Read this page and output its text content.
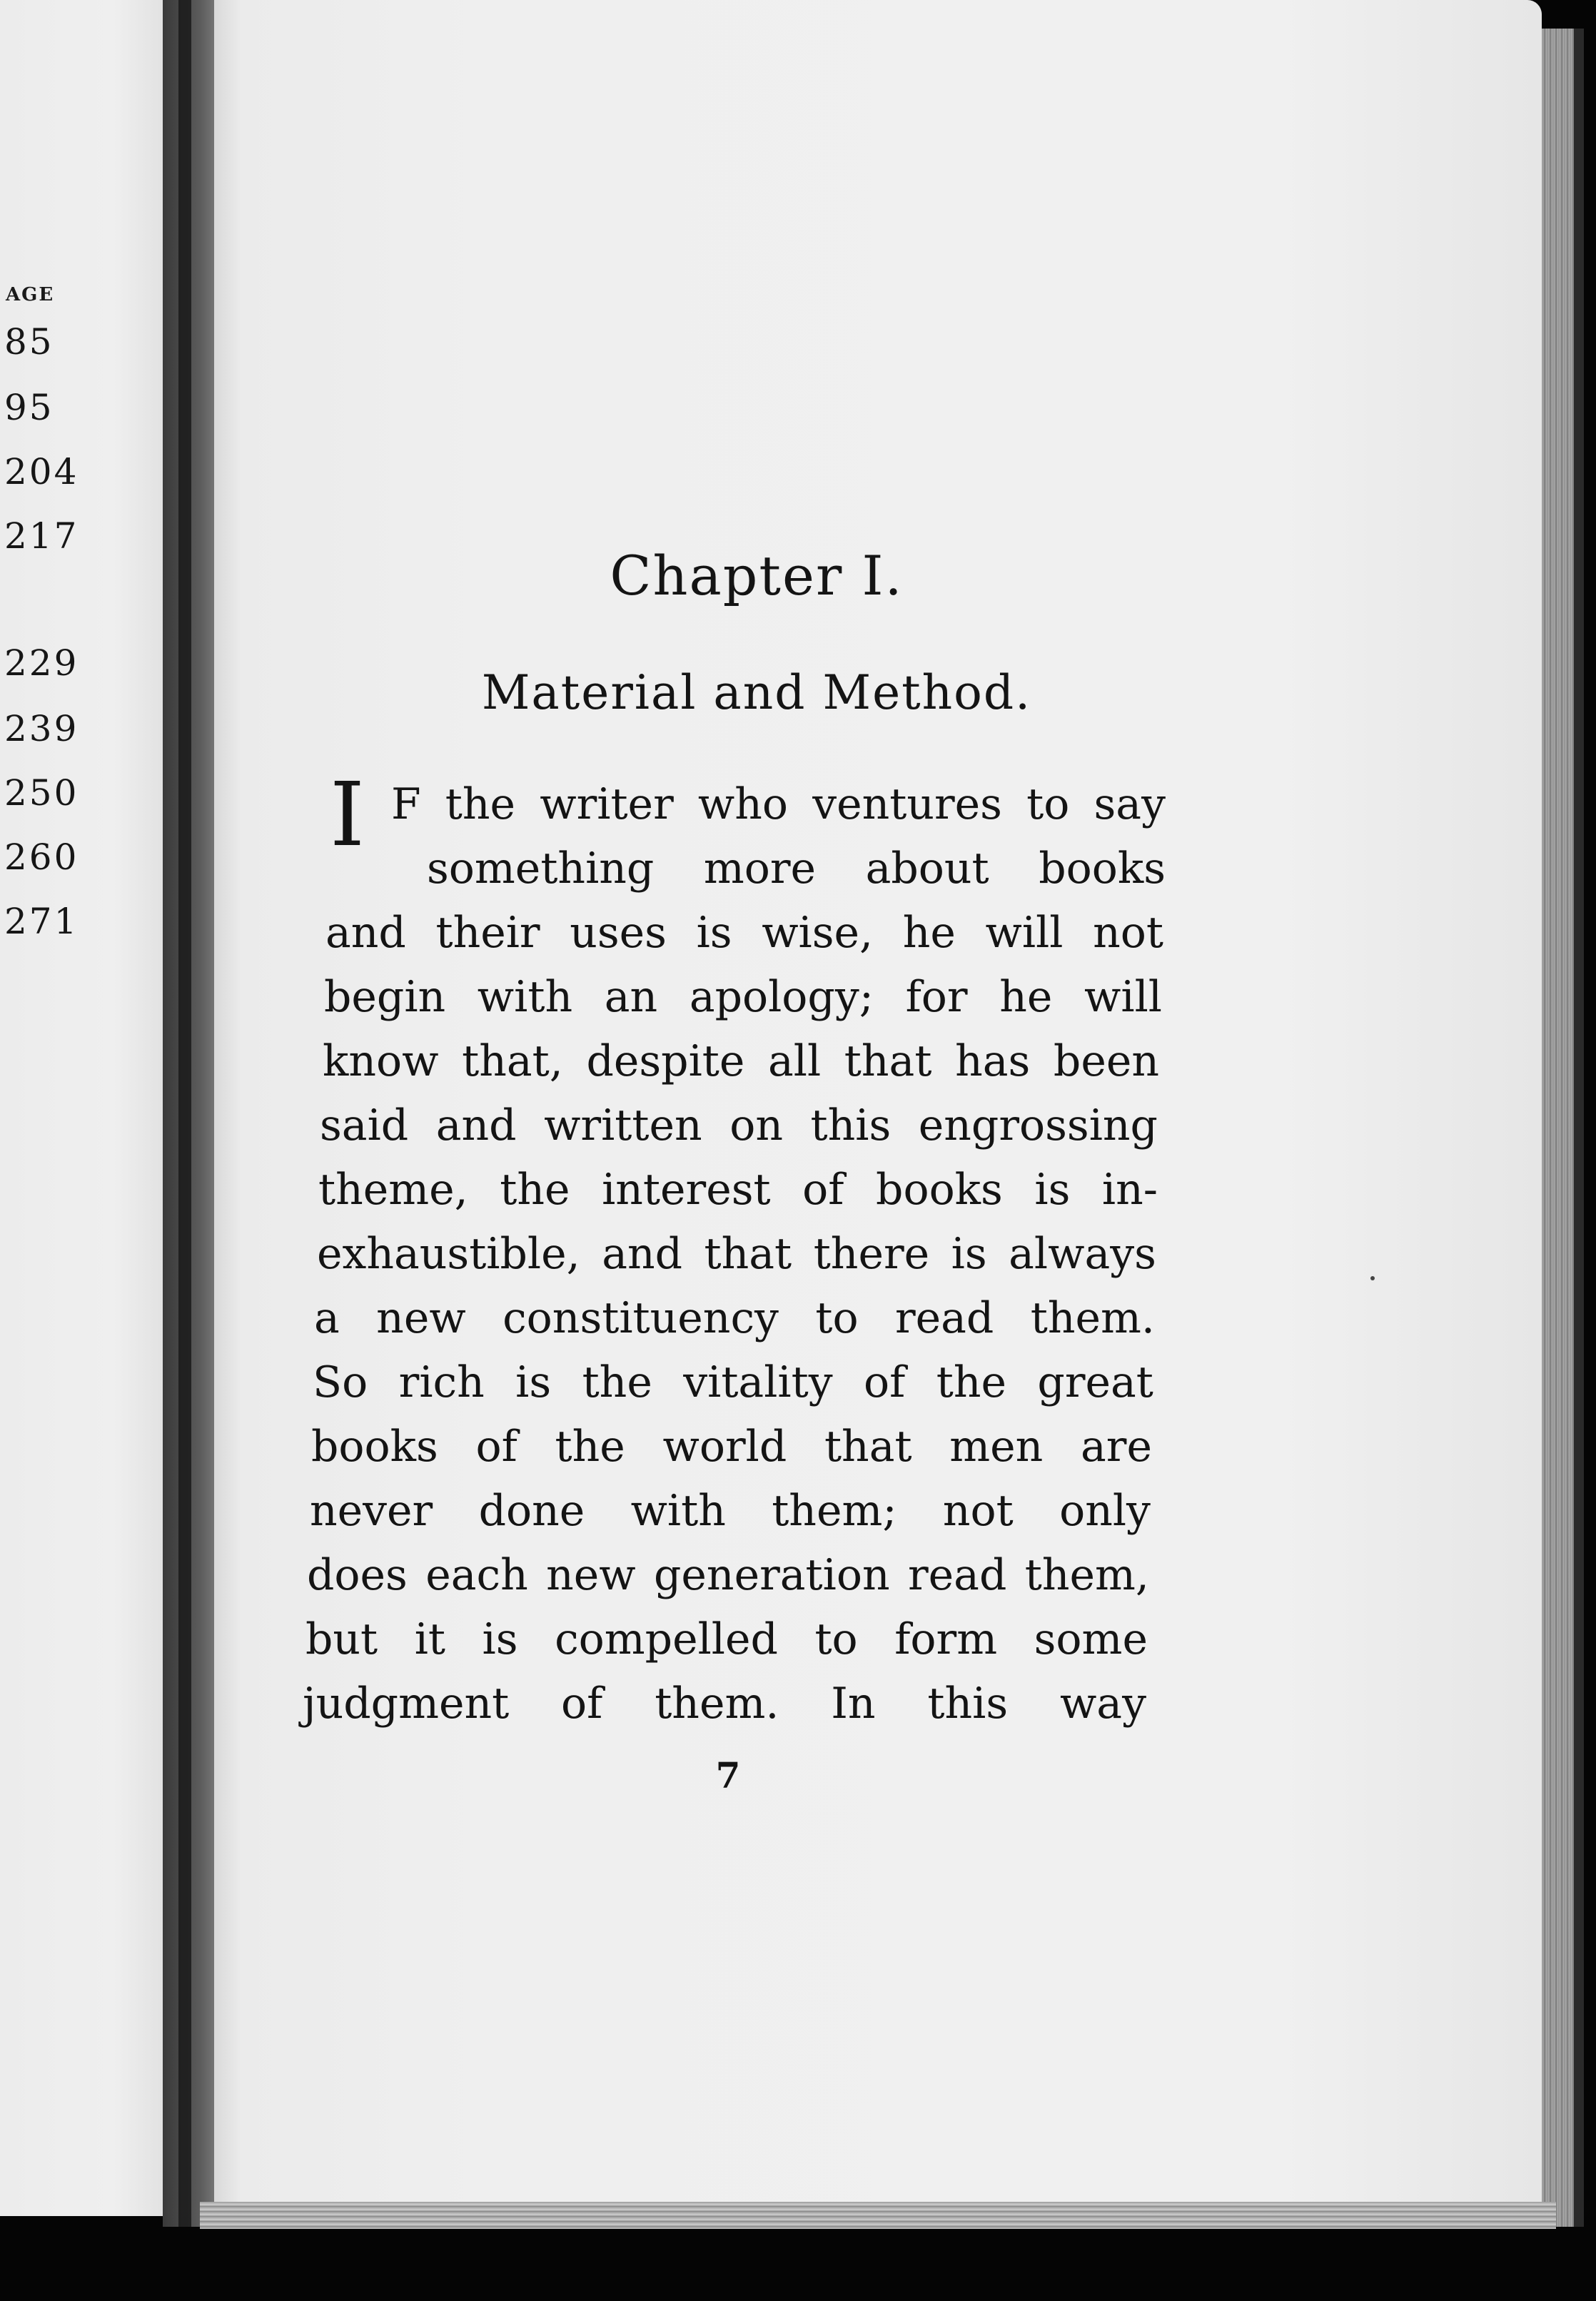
AGE
85
95
204
217
229
239
250
260
271
Chapter I.
Material and Method.
I F the writer who ventures to say
something more about books
and their uses is wise, he will not
begin with an apology; for he will
know that, despite all that has been
said and written on this engrossing
theme, the interest of books is in-
exhaustible, and that there is always
a new constituency to read them.
So rich is the vitality of the great
books of the world that men are
never done with them; not only
does each new generation read them,
but it is compelled to form some
judgment of them. In this way
7
